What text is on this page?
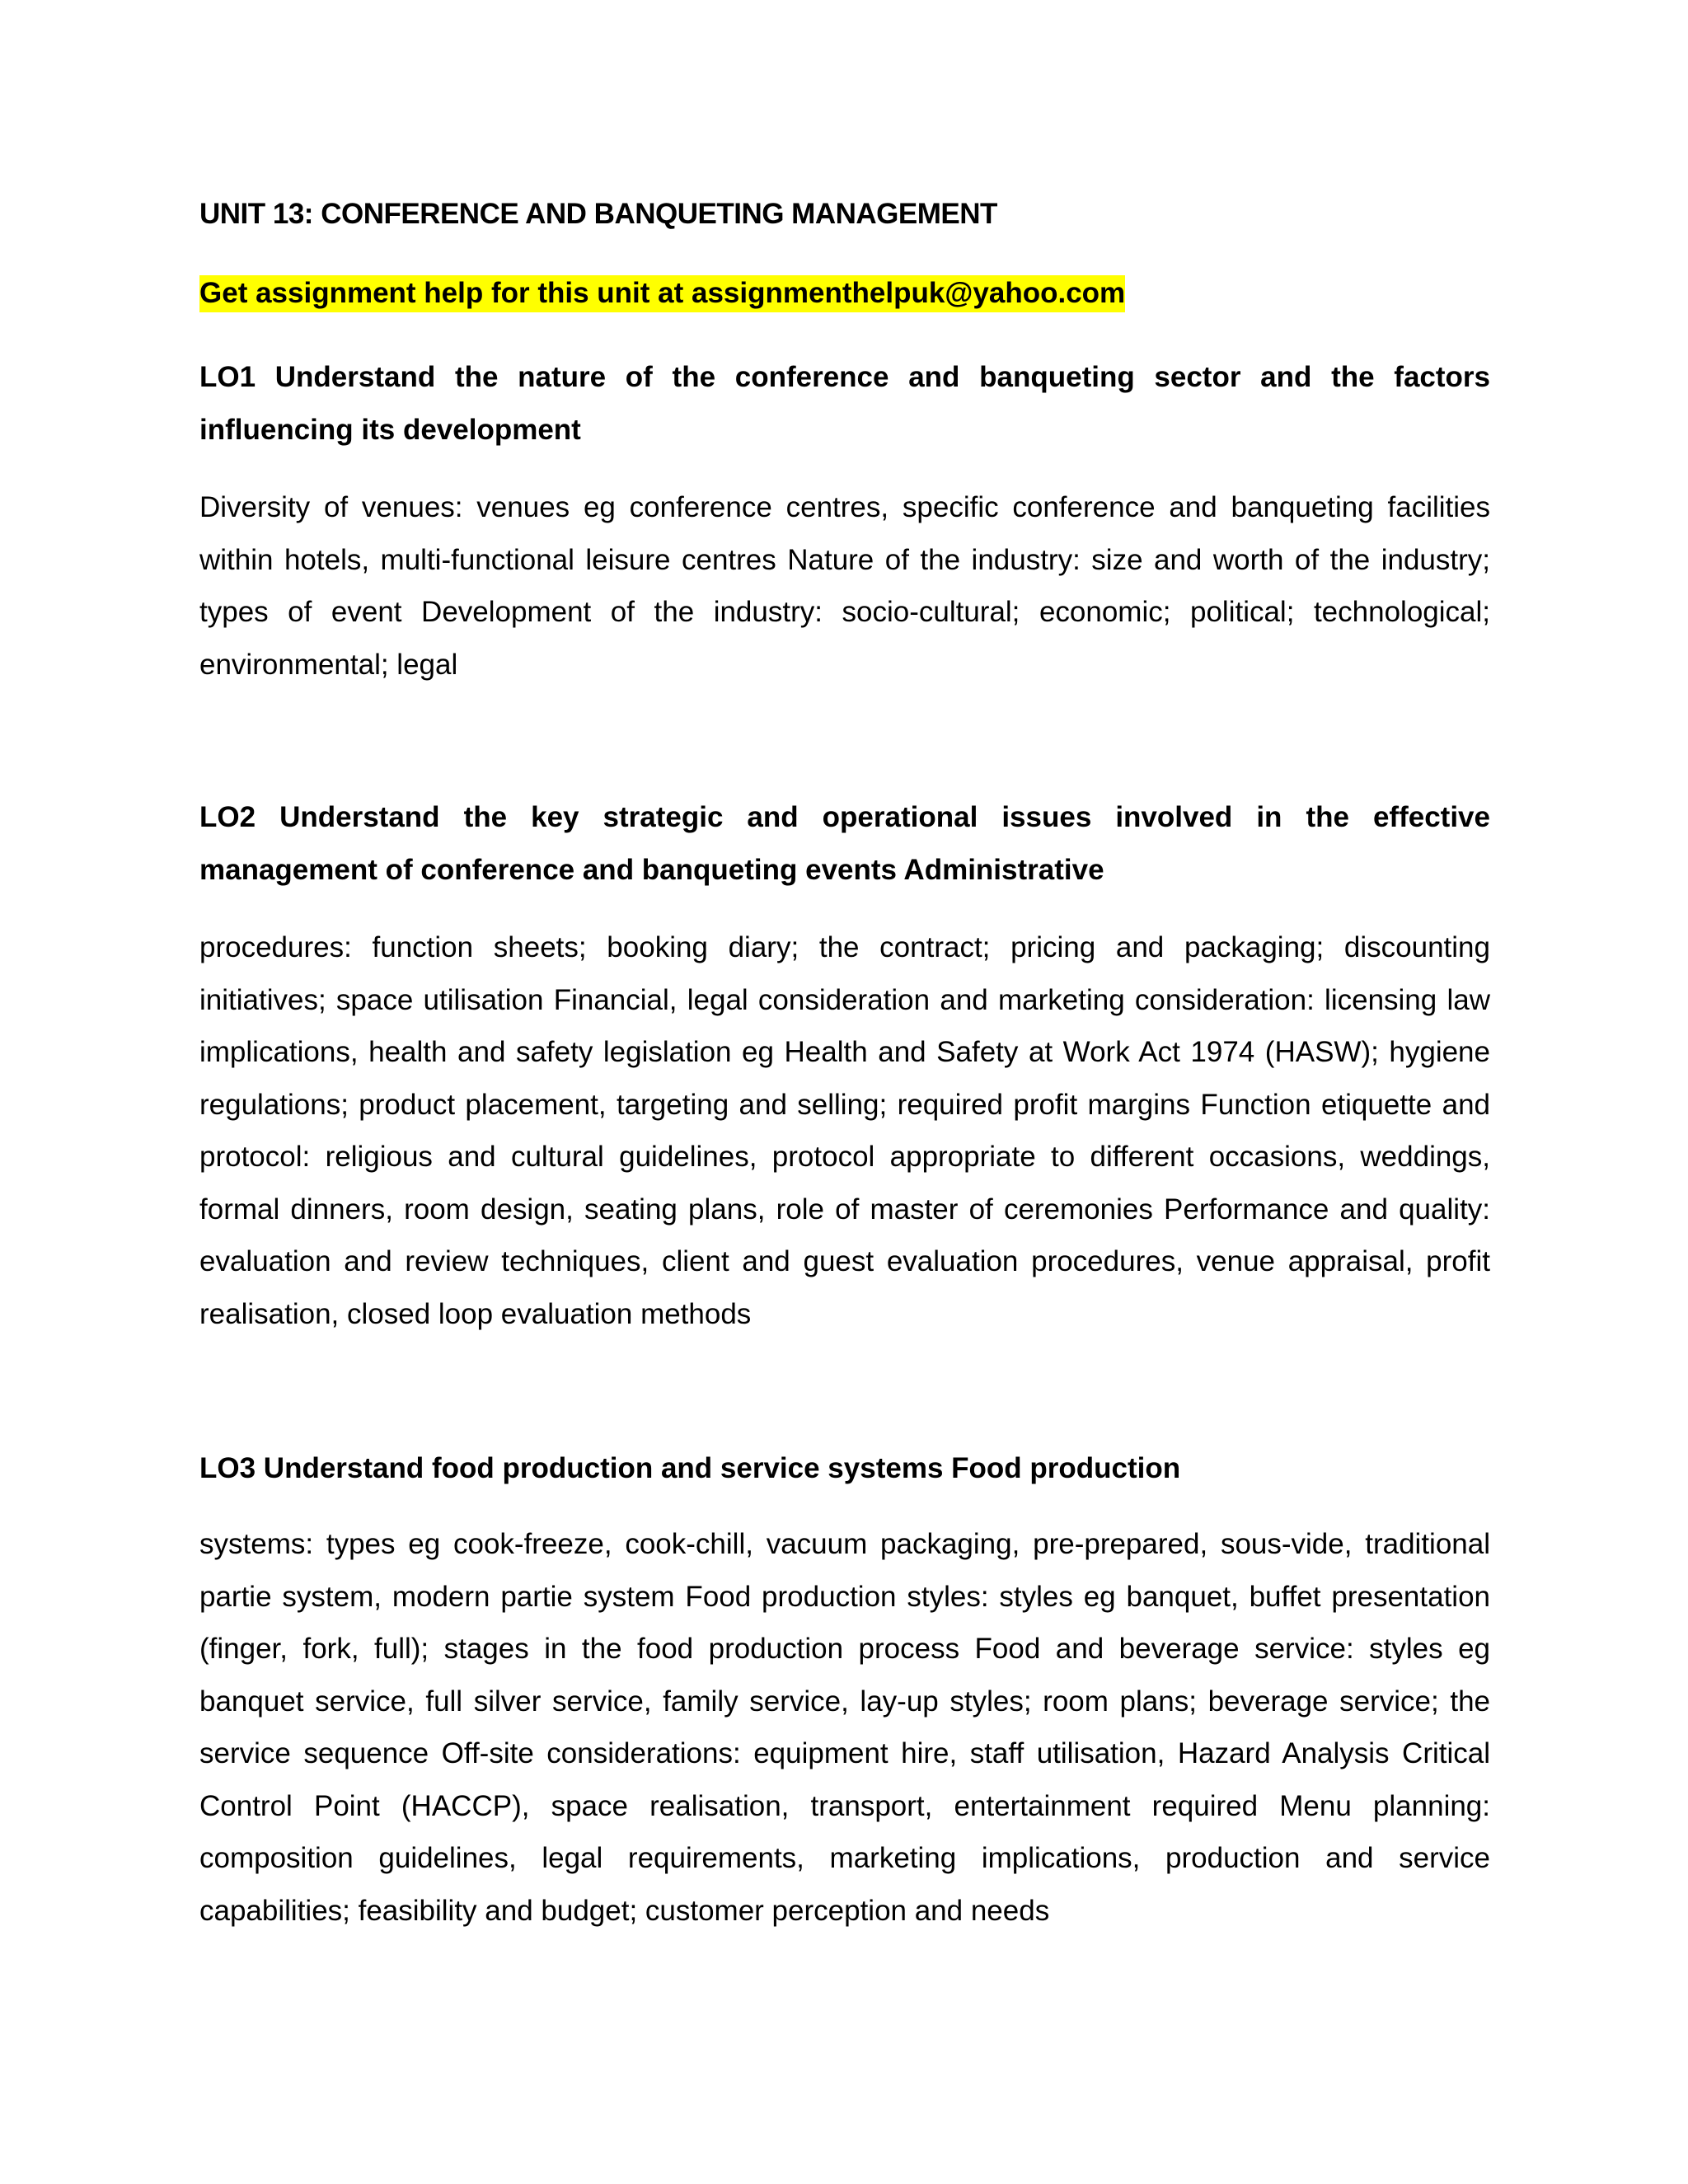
UNIT 13: CONFERENCE AND BANQUETING MANAGEMENT

Get assignment help for this unit at assignmenthelpuk@yahoo.com

LO1 Understand the nature of the conference and banqueting sector and the factors influencing its development

Diversity of venues: venues eg conference centres, specific conference and banqueting facilities within hotels, multi-functional leisure centres Nature of the industry: size and worth of the industry; types of event Development of the industry: socio-cultural; economic; political; technological; environmental; legal

LO2 Understand the key strategic and operational issues involved in the effective management of conference and banqueting events Administrative

procedures: function sheets; booking diary; the contract; pricing and packaging; discounting initiatives; space utilisation Financial, legal consideration and marketing consideration: licensing law implications, health and safety legislation eg Health and Safety at Work Act 1974 (HASW); hygiene regulations; product placement, targeting and selling; required profit margins Function etiquette and protocol: religious and cultural guidelines, protocol appropriate to different occasions, weddings, formal dinners, room design, seating plans, role of master of ceremonies Performance and quality: evaluation and review techniques, client and guest evaluation procedures, venue appraisal, profit realisation, closed loop evaluation methods

LO3 Understand food production and service systems Food production

systems: types eg cook-freeze, cook-chill, vacuum packaging, pre-prepared, sous-vide, traditional partie system, modern partie system Food production styles: styles eg banquet, buffet presentation (finger, fork, full); stages in the food production process Food and beverage service: styles eg banquet service, full silver service, family service, lay-up styles; room plans; beverage service; the service sequence Off-site considerations: equipment hire, staff utilisation, Hazard Analysis Critical Control Point (HACCP), space realisation, transport, entertainment required Menu planning: composition guidelines, legal requirements, marketing implications, production and service capabilities; feasibility and budget; customer perception and needs
